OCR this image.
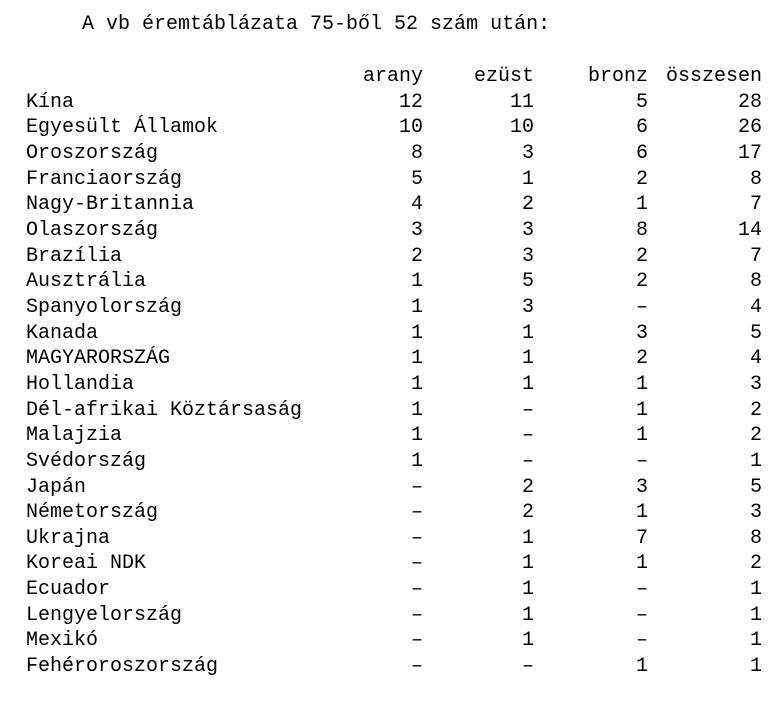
A vb éremtáblázata 75-ből 52 szám után:
	arany	ezüst	bronz	összesen
Kína	12	11	5	28
Egyesült Államok	10	10	6	26
Oroszország	8	3	6	17
Franciaország	5	1	2	8
Nagy-Britannia	4	2	1	7
Olaszország	3	3	8	14
Brazília	2	3	2	7
Ausztrália	1	5	2	8
Spanyolország	1	3	–	4
Kanada	1	1	3	5
MAGYARORSZÁG	1	1	2	4
Hollandia	1	1	1	3
Dél-afrikai Köztársaság	1	–	1	2
Malajzia	1	–	1	2
Svédország	1	–	–	1
Japán	–	2	3	5
Németország	–	2	1	3
Ukrajna	–	1	7	8
Koreai NDK	–	1	1	2
Ecuador	–	1	–	1
Lengyelország	–	1	–	1
Mexikó	–	1	–	1
Fehéroroszország	–	–	1	1
